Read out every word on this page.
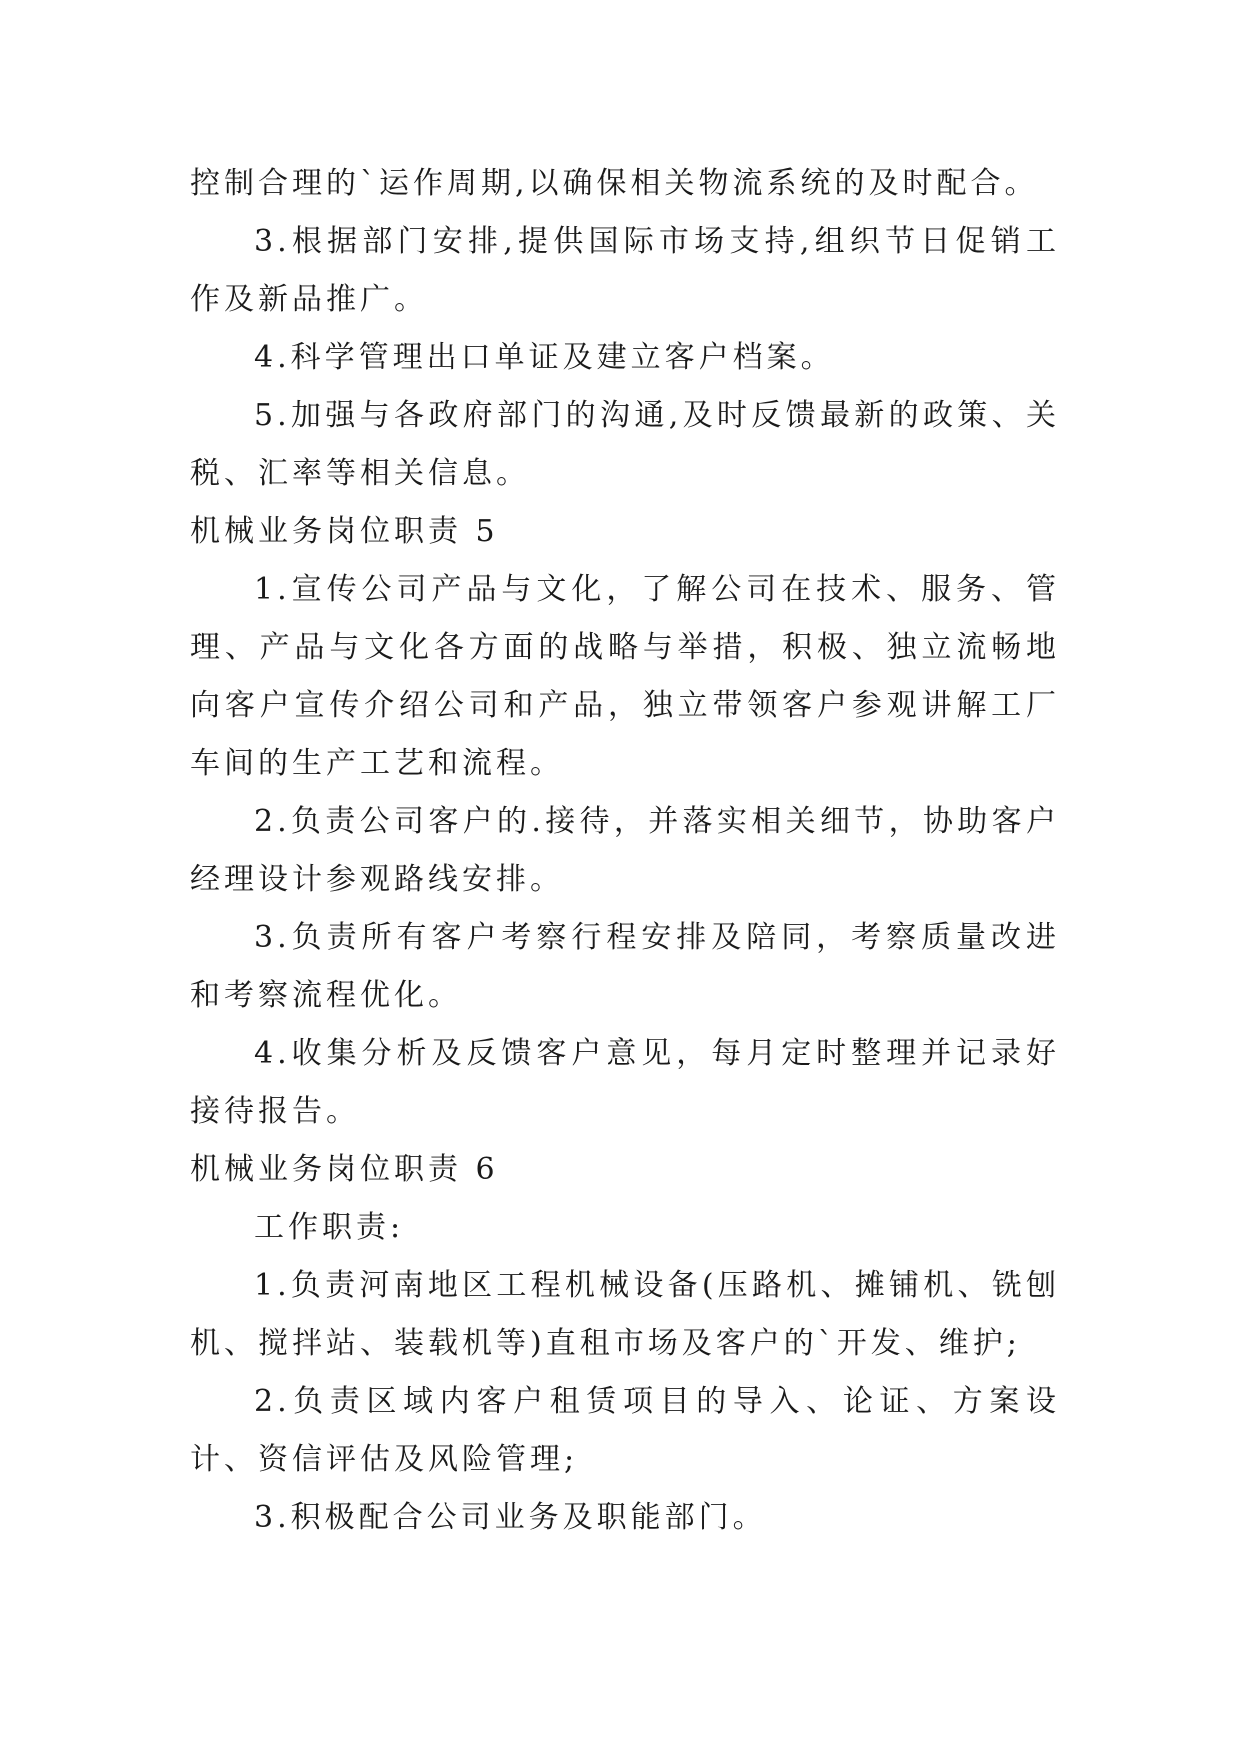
控制合理的`运作周期,以确保相关物流系统的及时配合。

3.根据部门安排,提供国际市场支持,组织节日促销工作及新品推广。

4.科学管理出口单证及建立客户档案。

5.加强与各政府部门的沟通,及时反馈最新的政策、关税、汇率等相关信息。

机械业务岗位职责 5

1.宣传公司产品与文化，了解公司在技术、服务、管理、产品与文化各方面的战略与举措，积极、独立流畅地向客户宣传介绍公司和产品，独立带领客户参观讲解工厂车间的生产工艺和流程。

2.负责公司客户的.接待，并落实相关细节，协助客户经理设计参观路线安排。

3.负责所有客户考察行程安排及陪同，考察质量改进和考察流程优化。

4.收集分析及反馈客户意见，每月定时整理并记录好接待报告。

机械业务岗位职责 6

工作职责:

1.负责河南地区工程机械设备(压路机、摊铺机、铣刨机、搅拌站、装载机等)直租市场及客户的`开发、维护;

2.负责区域内客户租赁项目的导入、论证、方案设计、资信评估及风险管理;

3.积极配合公司业务及职能部门。
